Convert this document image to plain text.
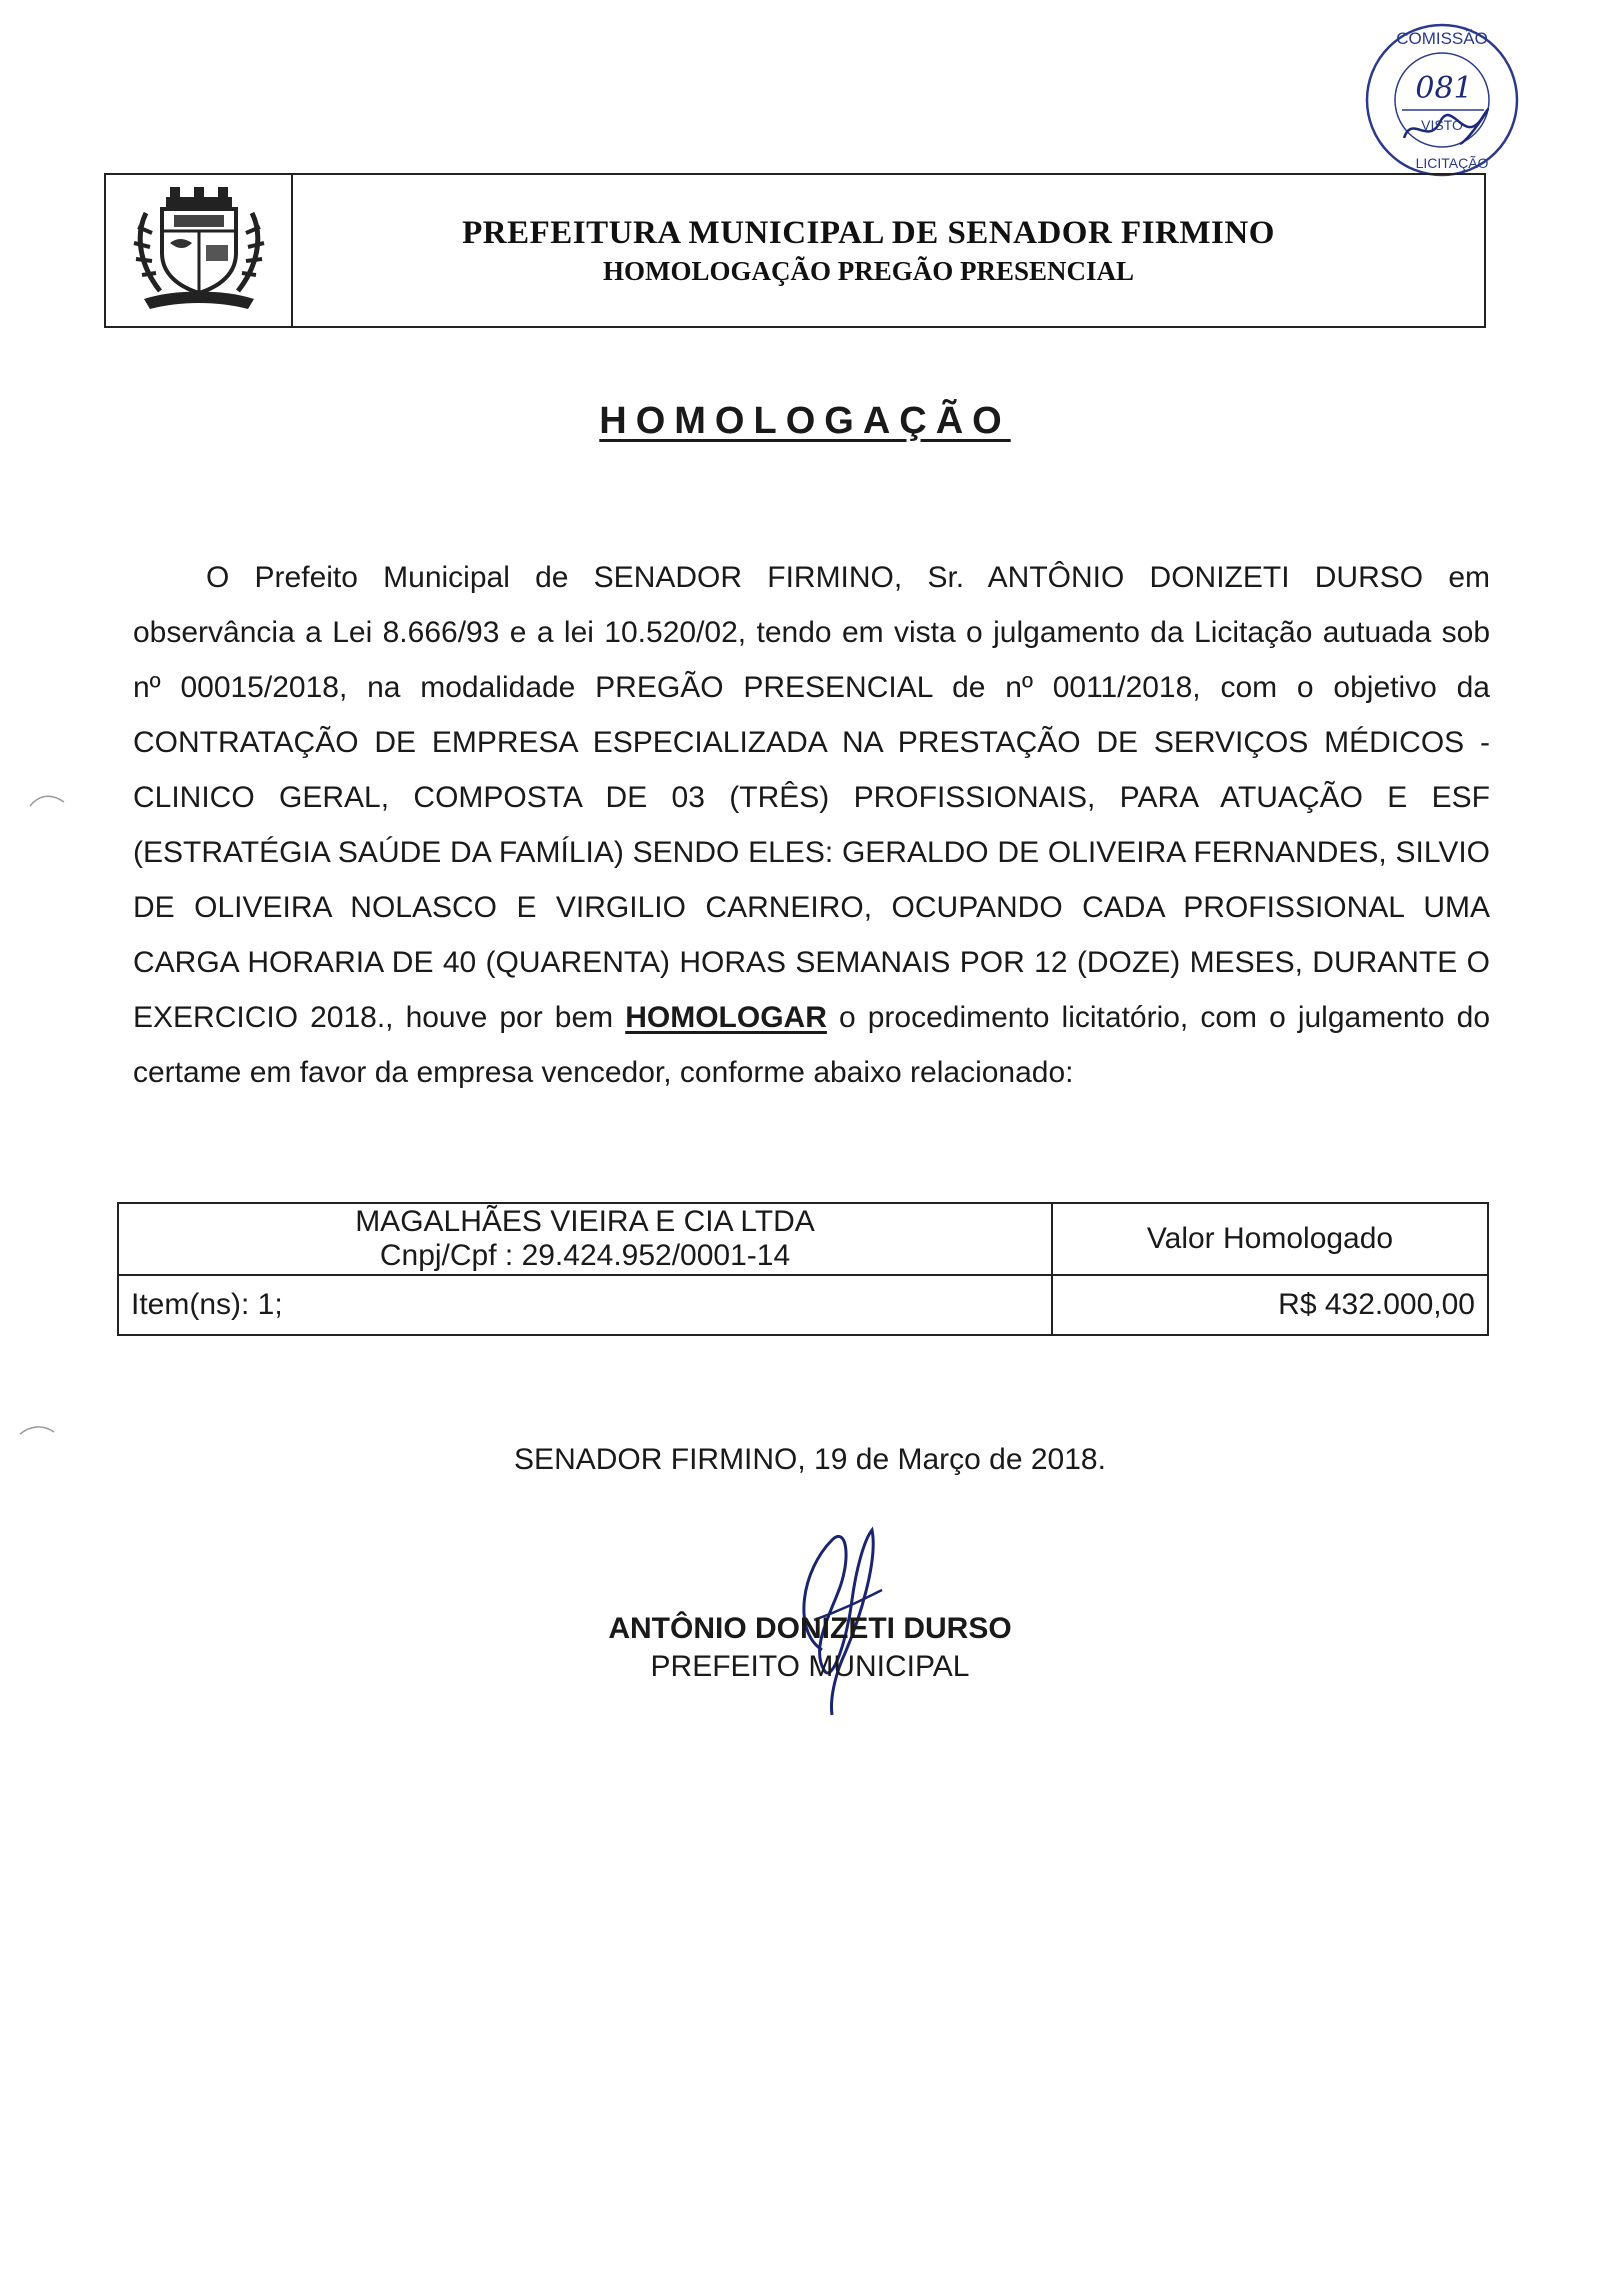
COMISSÃO
081
VISTO
LICITAÇÃO
PREFEITURA MUNICIPAL DE SENADOR FIRMINO
HOMOLOGAÇÃO PREGÃO PRESENCIAL
HOMOLOGAÇÃO

O Prefeito Municipal de SENADOR FIRMINO, Sr. ANTÔNIO DONIZETI DURSO em observância a Lei 8.666/93 e a lei 10.520/02, tendo em vista o julgamento da Licitação autuada sob nº 00015/2018, na modalidade PREGÃO PRESENCIAL de nº 0011/2018, com o objetivo da CONTRATAÇÃO DE EMPRESA ESPECIALIZADA NA PRESTAÇÃO DE SERVIÇOS MÉDICOS - CLINICO GERAL, COMPOSTA DE 03 (TRÊS) PROFISSIONAIS, PARA ATUAÇÃO E ESF (ESTRATÉGIA SAÚDE DA FAMÍLIA) SENDO ELES: GERALDO DE OLIVEIRA FERNANDES, SILVIO DE OLIVEIRA NOLASCO E VIRGILIO CARNEIRO, OCUPANDO CADA PROFISSIONAL UMA CARGA HORARIA DE 40 (QUARENTA) HORAS SEMANAIS POR 12 (DOZE) MESES, DURANTE O EXERCICIO 2018., houve por bem HOMOLOGAR o procedimento licitatório, com o julgamento do certame em favor da empresa vencedor, conforme abaixo relacionado:

MAGALHÃES VIEIRA E CIA LTDA
Cnpj/Cpf : 29.424.952/0001-14	Valor Homologado
Item(ns): 1;	R$ 432.000,00
SENADOR FIRMINO, 19 de Março de 2018.
ANTÔNIO DONIZETI DURSO
PREFEITO MUNICIPAL
